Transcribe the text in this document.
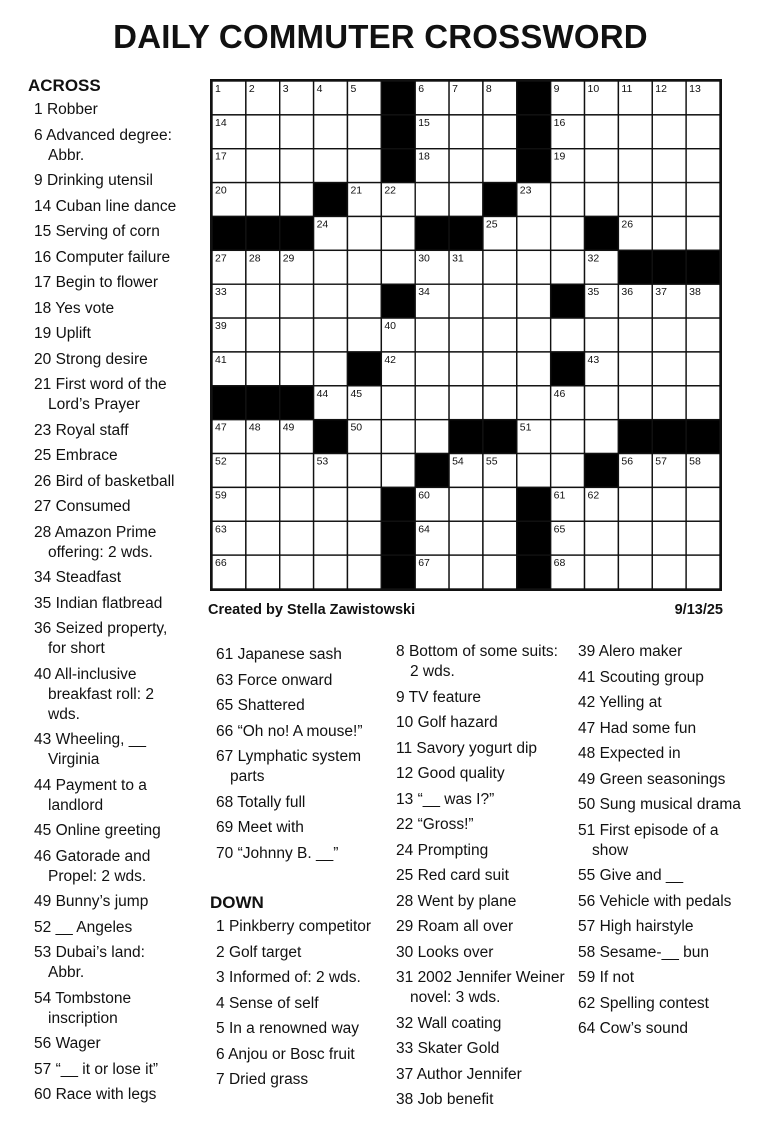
DAILY COMMUTER CROSSWORD
ACROSS
1 Robber
6 Advanced degree: Abbr.
9 Drinking utensil
14 Cuban line dance
15 Serving of corn
16 Computer failure
17 Begin to flower
18 Yes vote
19 Uplift
20 Strong desire
21 First word of the Lord’s Prayer
23 Royal staff
25 Embrace
26 Bird of basketball
27 Consumed
28 Amazon Prime offering: 2 wds.
34 Steadfast
35 Indian flatbread
36 Seized property, for short
40 All-inclusive breakfast roll: 2 wds.
43 Wheeling, __ Virginia
44 Payment to a landlord
45 Online greeting
46 Gatorade and Propel: 2 wds.
49 Bunny’s jump
52 __ Angeles
53 Dubai’s land: Abbr.
54 Tombstone inscription
56 Wager
57 “__ it or lose it”
60 Race with legs
1	2	3	4	5	6	7	8	9	10 11 12 13
14	15	16
17	18	19
20	21 22	23
24	25	26
27 28 29	30 31	32
33	34	35 36 37 38
39	40
41	42	43
44 45	46
47 48 49	50	51
52	53	54 55	56 57 58
59	60	61 62
63	64	65
66	67	68
Created by Stella Zawistowski	9/13/25
61 Japanese sash
63 Force onward
65 Shattered
66 “Oh no! A mouse!”
67 Lymphatic system parts
68 Totally full
69 Meet with
70 “Johnny B. __”
DOWN
1 Pinkberry competitor
2 Golf target
3 Informed of: 2 wds.
4 Sense of self
5 In a renowned way
6 Anjou or Bosc fruit
7 Dried grass
8 Bottom of some suits: 2 wds.
9 TV feature
10 Golf hazard
11 Savory yogurt dip
12 Good quality
13 “__ was I?”
22 “Gross!”
24 Prompting
25 Red card suit
28 Went by plane
29 Roam all over
30 Looks over
31 2002 Jennifer Weiner novel: 3 wds.
32 Wall coating
33 Skater Gold
37 Author Jennifer
38 Job benefit
39 Alero maker
41 Scouting group
42 Yelling at
47 Had some fun
48 Expected in
49 Green seasonings
50 Sung musical drama
51 First episode of a show
55 Give and __
56 Vehicle with pedals
57 High hairstyle
58 Sesame-__ bun
59 If not
62 Spelling contest
64 Cow’s sound
